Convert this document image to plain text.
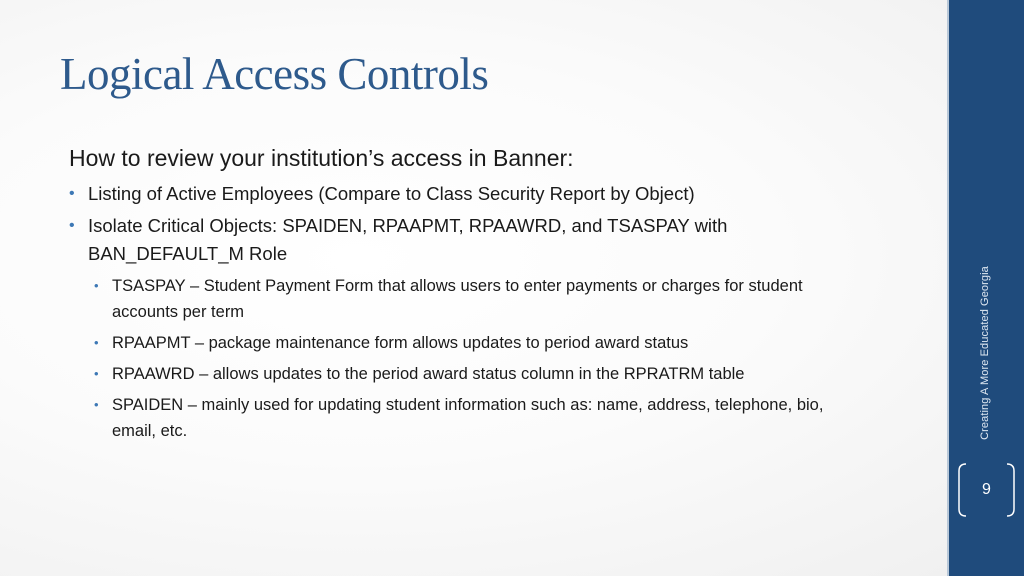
Logical Access Controls
How to review your institution’s access in Banner:
• Listing of Active Employees (Compare to Class Security Report by Object)
• Isolate Critical Objects: SPAIDEN, RPAAPMT, RPAAWRD, and TSASPAY with BAN_DEFAULT_M Role
• TSASPAY – Student Payment Form that allows users to enter payments or charges for student accounts per term
• RPAAPMT – package maintenance form allows updates to period award status
• RPAAWRD – allows updates to the period award status column in the RPRATRM table
• SPAIDEN – mainly used for updating student information such as: name, address, telephone, bio, email, etc.	Creating A More Educated Georgia
9
